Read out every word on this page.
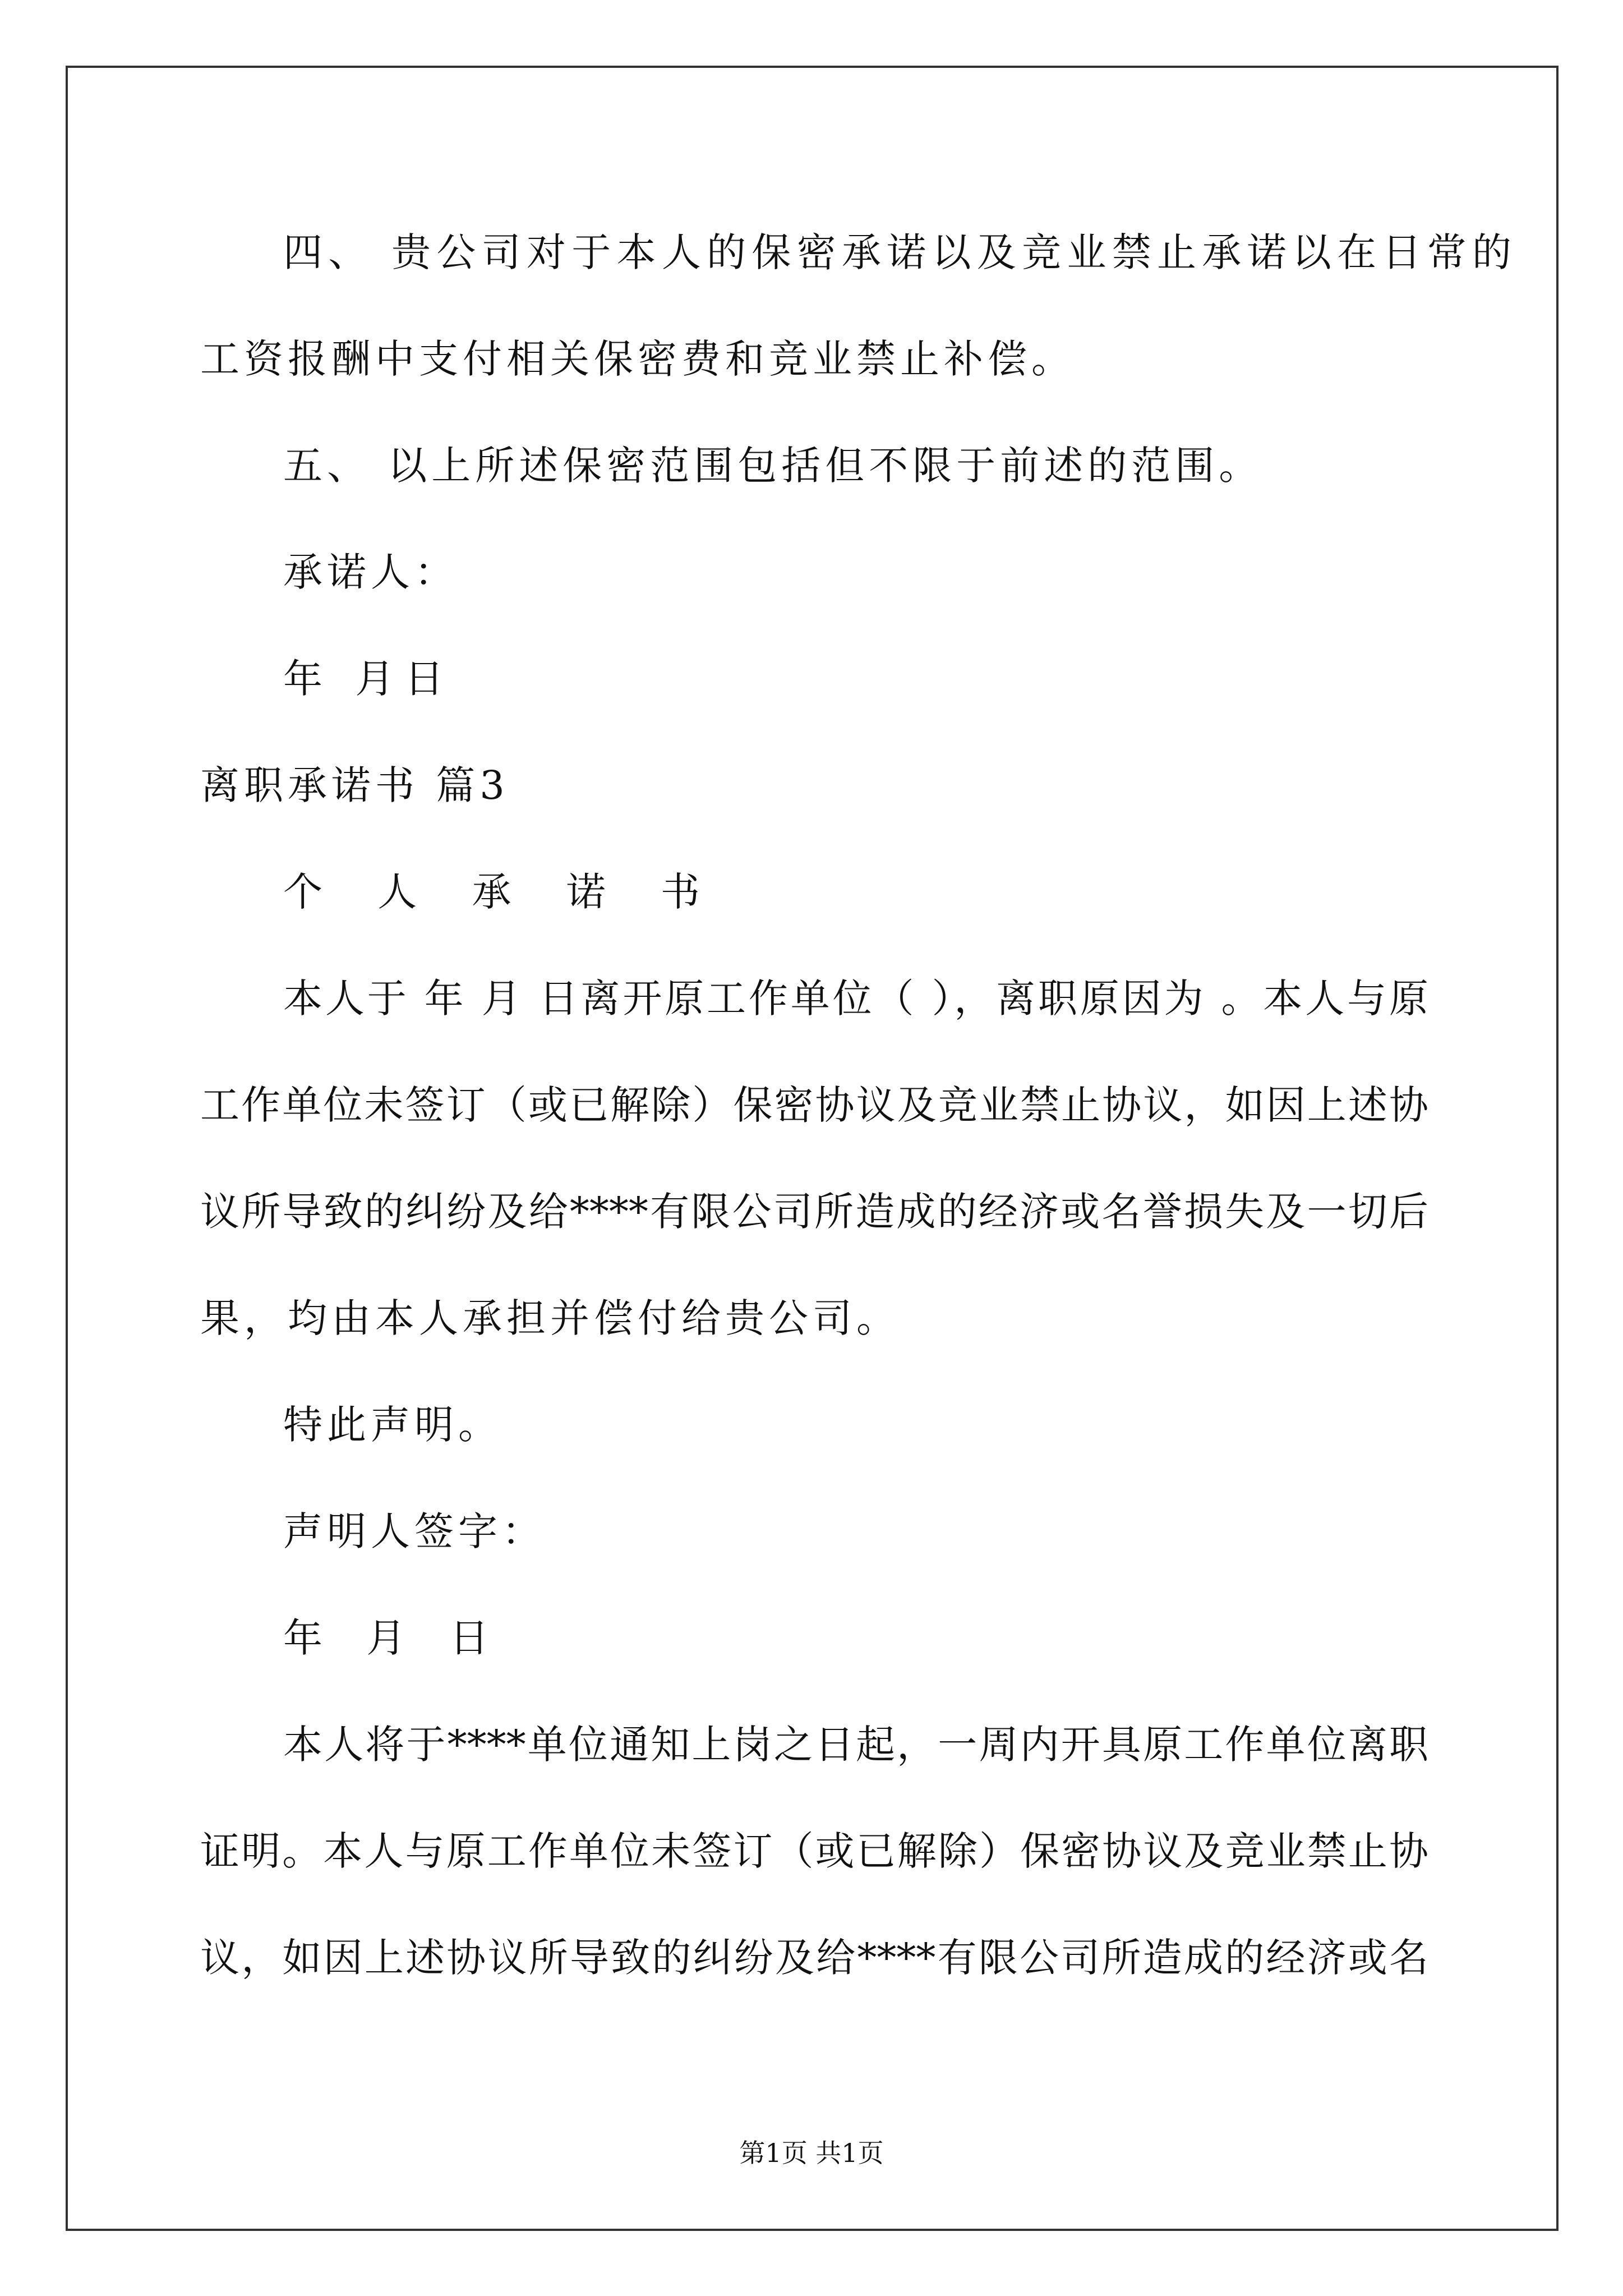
四、 贵公司对于本人的保密承诺以及竞业禁止承诺以在日常的

工资报酬中支付相关保密费和竞业禁止补偿。

五、 以上所述保密范围包括但不限于前述的范围。

承诺人：

年 月日

离职承诺书 篇3

个 人 承 诺 书

本人于 年 月 日离开原工作单位（ ），离职原因为 。本人与原

工作单位未签订（或已解除）保密协议及竞业禁止协议，如因上述协

议所导致的纠纷及给****有限公司所造成的经济或名誉损失及一切后

果，均由本人承担并偿付给贵公司。

特此声明。

声明人签字：

年 月 日

本人将于****单位通知上岗之日起，一周内开具原工作单位离职

证明。本人与原工作单位未签订（或已解除）保密协议及竞业禁止协

议，如因上述协议所导致的纠纷及给****有限公司所造成的经济或名

第1页 共1页
